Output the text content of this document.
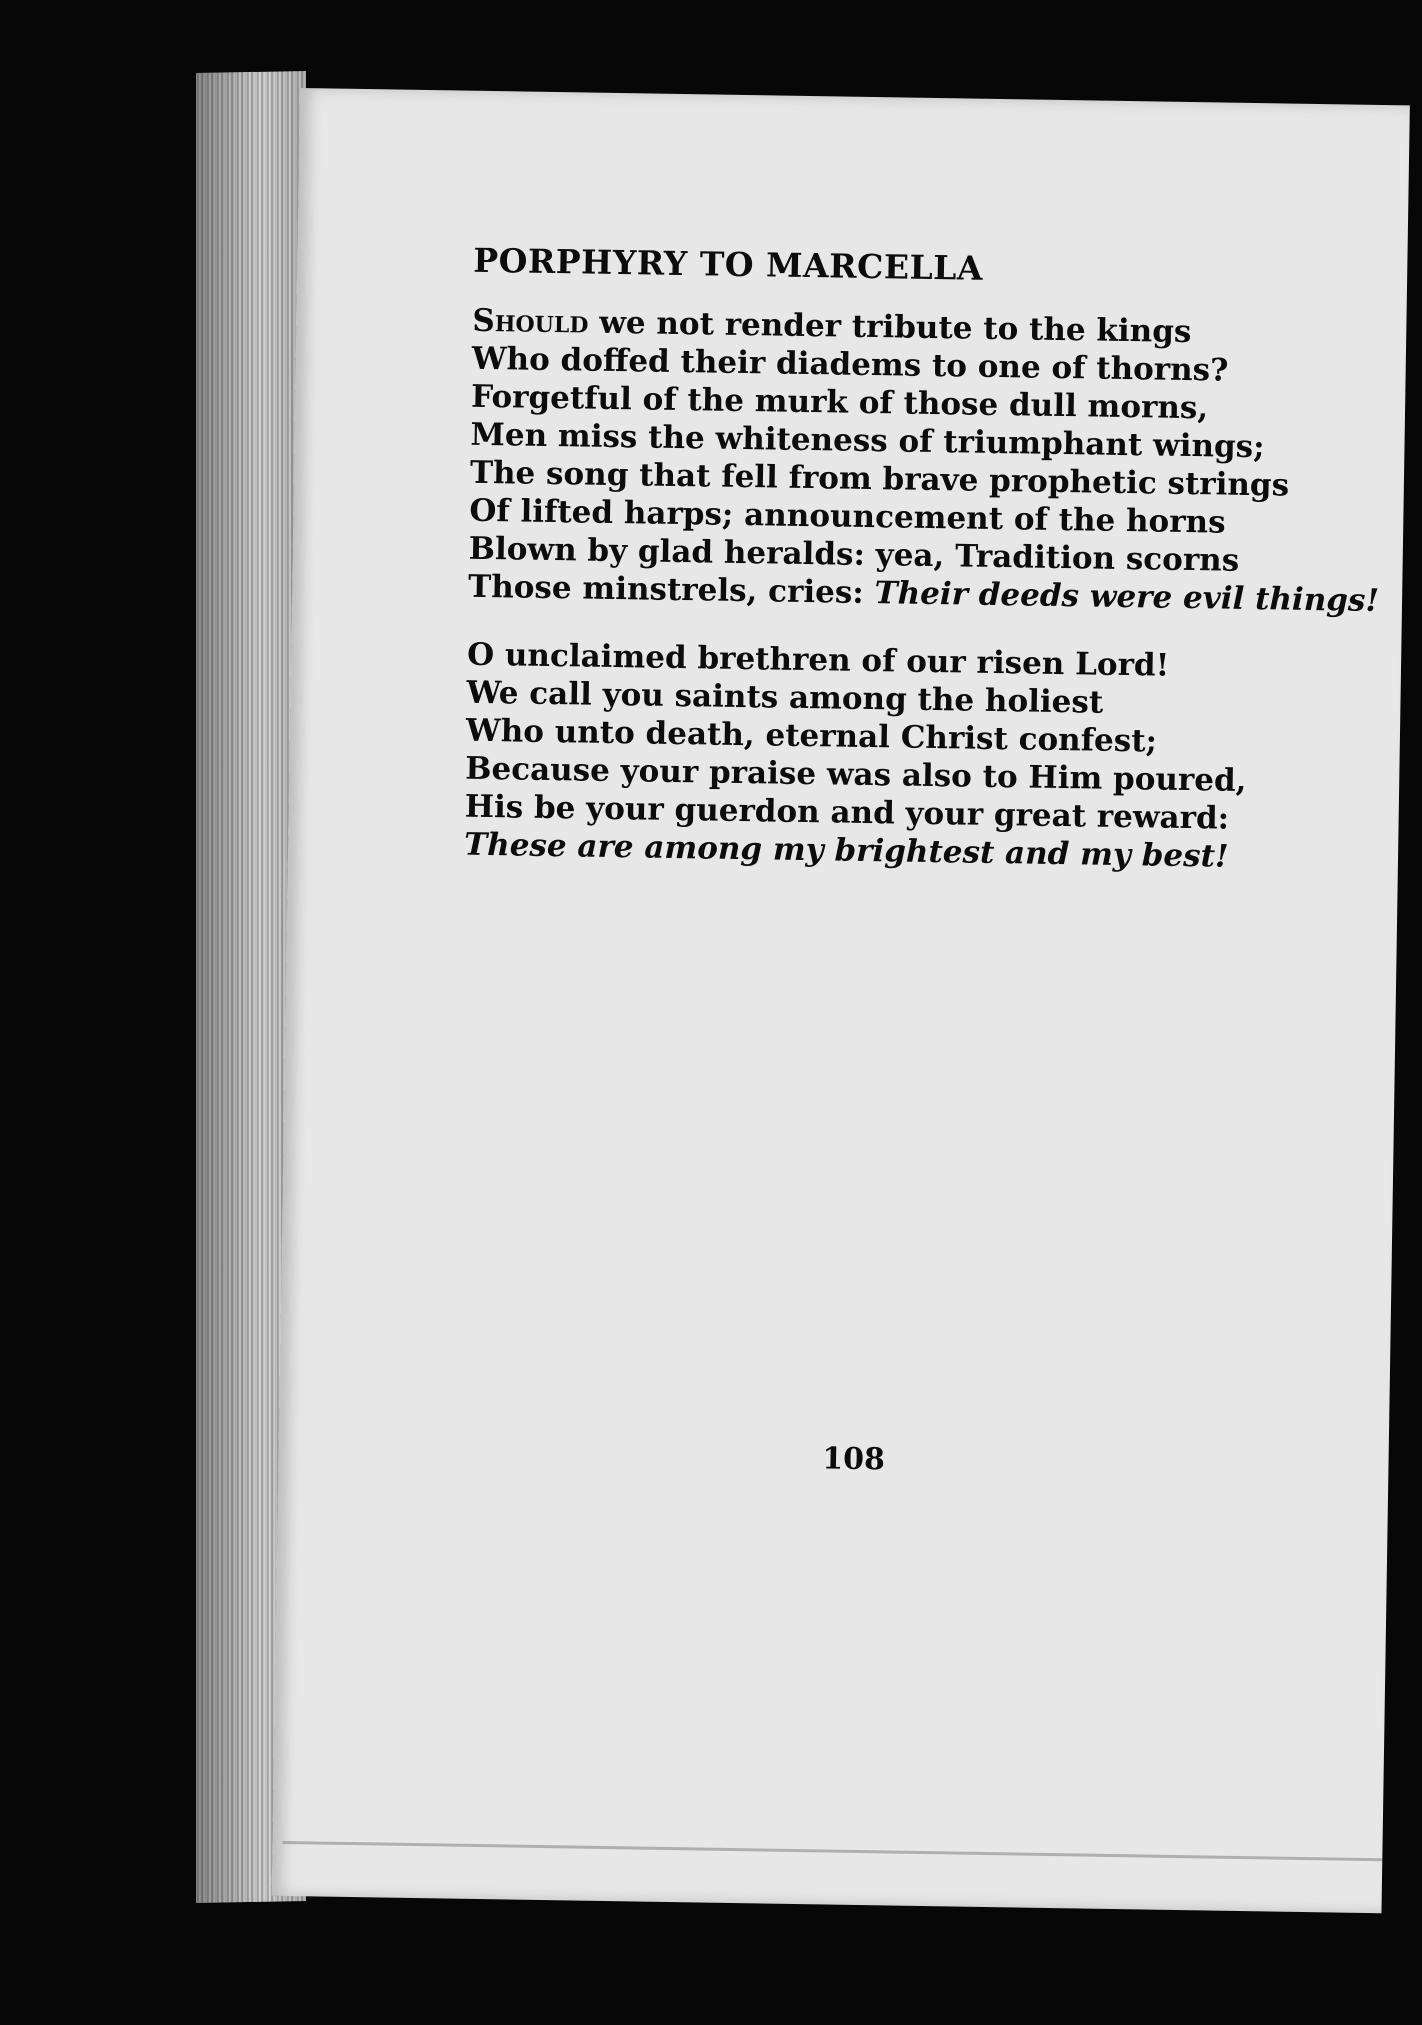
PORPHYRY TO MARCELLA
Should we not render tribute to the kings
Who doffed their diadems to one of thorns?
Forgetful of the murk of those dull morns,
Men miss the whiteness of triumphant wings;
The song that fell from brave prophetic strings
Of lifted harps; announcement of the horns
Blown by glad heralds: yea, Tradition scorns
Those minstrels, cries: Their deeds were evil things!
O unclaimed brethren of our risen Lord!
We call you saints among the holiest
Who unto death, eternal Christ confest;
Because your praise was also to Him poured,
His be your guerdon and your great reward:
These are among my brightest and my best!
108
